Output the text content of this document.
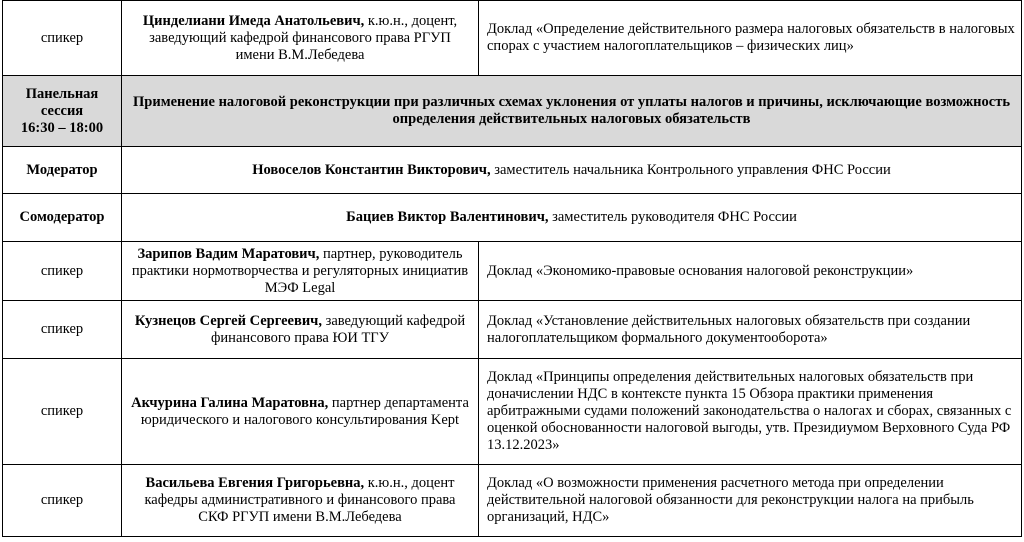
спикер	Цинделиани Имеда Анатольевич, к.ю.н., доцент, заведующий кафедрой финансового права РГУП имени В.М.Лебедева	Доклад «Определение действительного размера налоговых обязательств в налоговых спорах с участием налогоплательщиков – физических лиц»

Панельная
сессия
16:30 – 18:00	Применение налоговой реконструкции при различных схемах уклонения от уплаты налогов и причины, исключающие возможность определения действительных налоговых обязательств	
Модератор	Новоселов Константин Викторович, заместитель начальника Контрольного управления ФНС России	
Сомодератор	Бациев Виктор Валентинович, заместитель руководителя ФНС России	
спикер	Зарипов Вадим Маратович, партнер, руководитель практики нормотворчества и регуляторных инициатив МЭФ Legal	Доклад «Экономико-правовые основания налоговой реконструкции»
спикер	Кузнецов Сергей Сергеевич, заведующий кафедрой финансового права ЮИ ТГУ	Доклад «Установление действительных налоговых обязательств при создании налогоплательщиком формального документооборота»
спикер	Акчурина Галина Маратовна, партнер департамента юридического и налогового консультирования Kept	Доклад «Принципы определения действительных налоговых обязательств при доначислении НДС в контексте пункта 15 Обзора практики применения арбитражными судами положений законодательства о налогах и сборах, связанных с оценкой обоснованности налоговой выгоды, утв. Президиумом Верховного Суда РФ 13.12.2023»
спикер	Васильева Евгения Григорьевна, к.ю.н., доцент кафедры административного и финансового права СКФ РГУП имени В.М.Лебедева	Доклад «О возможности применения расчетного метода при определении действительной налоговой обязанности для реконструкции налога на прибыль организаций, НДС»
